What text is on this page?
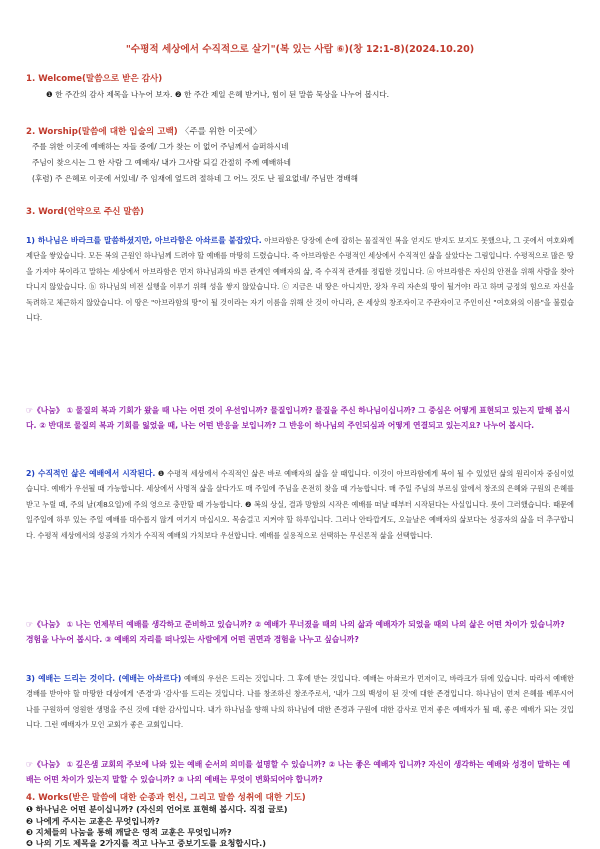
"수평적 세상에서 수직적으로 살기"(복 있는 사람 ⑥)(창 12:1-8)(2024.10.20)
1. Welcome(말씀으로 받은 감사)
❶ 한 주간의 감사 제목을 나누어 보자. ❷ 한 주간 제일 은혜 받거나, 힘이 된 말씀 묵상을 나누어 봅시다.
2. Worship(말씀에 대한 입술의 고백) 〈주를 위한 이곳에〉
주를 위한 이곳에 예배하는 자들 중에/ 그가 찾는 이 없어 주님께서 슬퍼하시네
주님이 찾으시는 그 한 사람 그 예배자/ 내가 그사람 되길 간절히 주께 예배하네
(후렴) 주 은혜로 이곳에 서있네/ 주 임재에 엎드려 절하네 그 어느 것도 난 필요없네/ 주님만 경배해
3. Word(언약으로 주신 말씀)
1) 하나님은 바라크를 말씀하셨지만, 아브라함은 아솨르를 붙잡았다. 아브라함은 당장에 손에 잡히는 물질적인 복을 얻지도 받지도 보지도 못했으나, 그 곳에서 여호와께 제단을 쌓았습니다. 모든 복의 근원인 하나님께 드려야 할 예배를 마땅히 드렸습니다. 즉 아브라함은 수평적인 세상에서 수직적인 삶을 살았다는 그림입니다. 수평적으로 많은 땅을 가져야 복이라고 말하는 세상에서 아브라함은 먼저 하나님과의 바른 관계인 예배자의 삶, 즉 수직적 관계를 정립한 것입니다. ⓐ 아브라함은 자신의 안전을 위해 사람을 찾아다니지 않았습니다. ⓑ 하나님의 비전 실행을 이루기 위해 성을 쌓지 않았습니다. ⓒ 지금은 내 땅은 아니지만, 장차 우리 자손의 땅이 될거야! 라고 하며 긍정의 힘으로 자신을 독려하고 체근하지 않았습니다. 이 땅은 "아브라함의 땅"이 될 것이라는 자기 이름을 위해 산 것이 아니라, 온 세상의 창조자이고 주관자이고 주인이신 "여호와의 이름"을 불렀습니다.
☞《나눔》 ① 물질의 복과 기회가 왔을 때 나는 어떤 것이 우선입니까? 물질입니까? 물질을 주신 하나님이십니까? 그 중심은 어떻게 표현되고 있는지 말해 봅시다. ② 반대로 물질의 복과 기회를 잃었을 때, 나는 어떤 반응을 보입니까? 그 반응이 하나님의 주인되심과 어떻게 연결되고 있는지요? 나누어 봅시다.
2) 수직적인 삶은 예배에서 시작된다. ❶ 수평적 세상에서 수직적인 삶은 바로 예배자의 삶을 살 때입니다. 이것이 아브라함에게 복이 될 수 있었던 삶의 원리이자 중심이었습니다. 예배가 우선될 때 가능합니다. 세상에서 사명적 삶을 살다가도 매 주일에 주님을 온전히 찾을 때 가능합니다. 매 주일 주님의 부르심 앞에서 창조의 은혜와 구원의 은혜를 받고 누릴 때, 주의 날(제8요일)에 주의 영으로 충만할 때 가능합니다. ❷ 복의 상실, 결과 망함의 시작은 예배를 떠날 때부터 시작된다는 사실입니다. 롯이 그러했습니다. 때문에 일주일에 하루 있는 주일 예배를 대수롭지 않게 여기지 마십시오. 목숨걸고 지켜야 할 하루입니다. 그러나 안타깝게도, 오늘날은 예배자의 삶보다는 성공자의 삶을 더 추구합니다. 수평적 세상에서의 성공의 가치가 수직적 예배의 가치보다 우선합니다. 예배를 실용적으로 선택하는 무신론적 삶을 선택합니다.
☞《나눔》 ① 나는 언제부터 예배를 생각하고 준비하고 있습니까? ② 예배가 무너졌을 때의 나의 삶과 예배자가 되었을 때의 나의 삶은 어떤 차이가 있습니까? 경험을 나누어 봅시다. ③ 예배의 자리를 떠나있는 사람에게 어떤 권면과 경험을 나누고 싶습니까?
3) 예배는 드리는 것이다. (예배는 아솨르다) 예배의 우선은 드리는 것입니다. 그 후에 받는 것입니다. 예배는 아솨르가 먼저이고, 바라크가 뒤에 있습니다. 따라서 예배한 경배를 받아야 할 마땅한 대상에게 '존경'과 '감사'를 드리는 것입니다. 나를 창조하신 창조주로서, '내가 그의 백성이 된 것'에 대한 존경입니다. 하나님이 먼저 은혜를 베푸시어 나를 구원하여 영원한 생명을 주신 것에 대한 감사입니다. 내가 하나님을 향해 나의 하나님에 대한 존경과 구원에 대한 감사로 먼저 좋은 예배자가 될 때, 좋은 예배가 되는 것입니다. 그런 예배자가 모인 교회가 좋은 교회입니다.
☞《나눔》 ① 깊은샘 교회의 주보에 나와 있는 예배 순서의 의미를 설명할 수 있습니까? ② 나는 좋은 예배자 입니까? 자신이 생각하는 예배와 성경이 말하는 예배는 어떤 차이가 있는지 말할 수 있습니까? ③ 나의 예배는 무엇이 변화되어야 합니까?
4. Works(받은 말씀에 대한 순종과 헌신, 그리고 말씀 성취에 대한 기도)
❶ 하나님은 어떤 분이십니까? (자신의 언어로 표현해 봅시다. 직접 글로)
❷ 나에게 주시는 교훈은 무엇입니까?
❸ 지체들의 나눔을 통해 깨달은 영적 교훈은 무엇입니까?
❹ 나의 기도 제목을 2가지를 적고 나누고 중보기도를 요청합시다.)
